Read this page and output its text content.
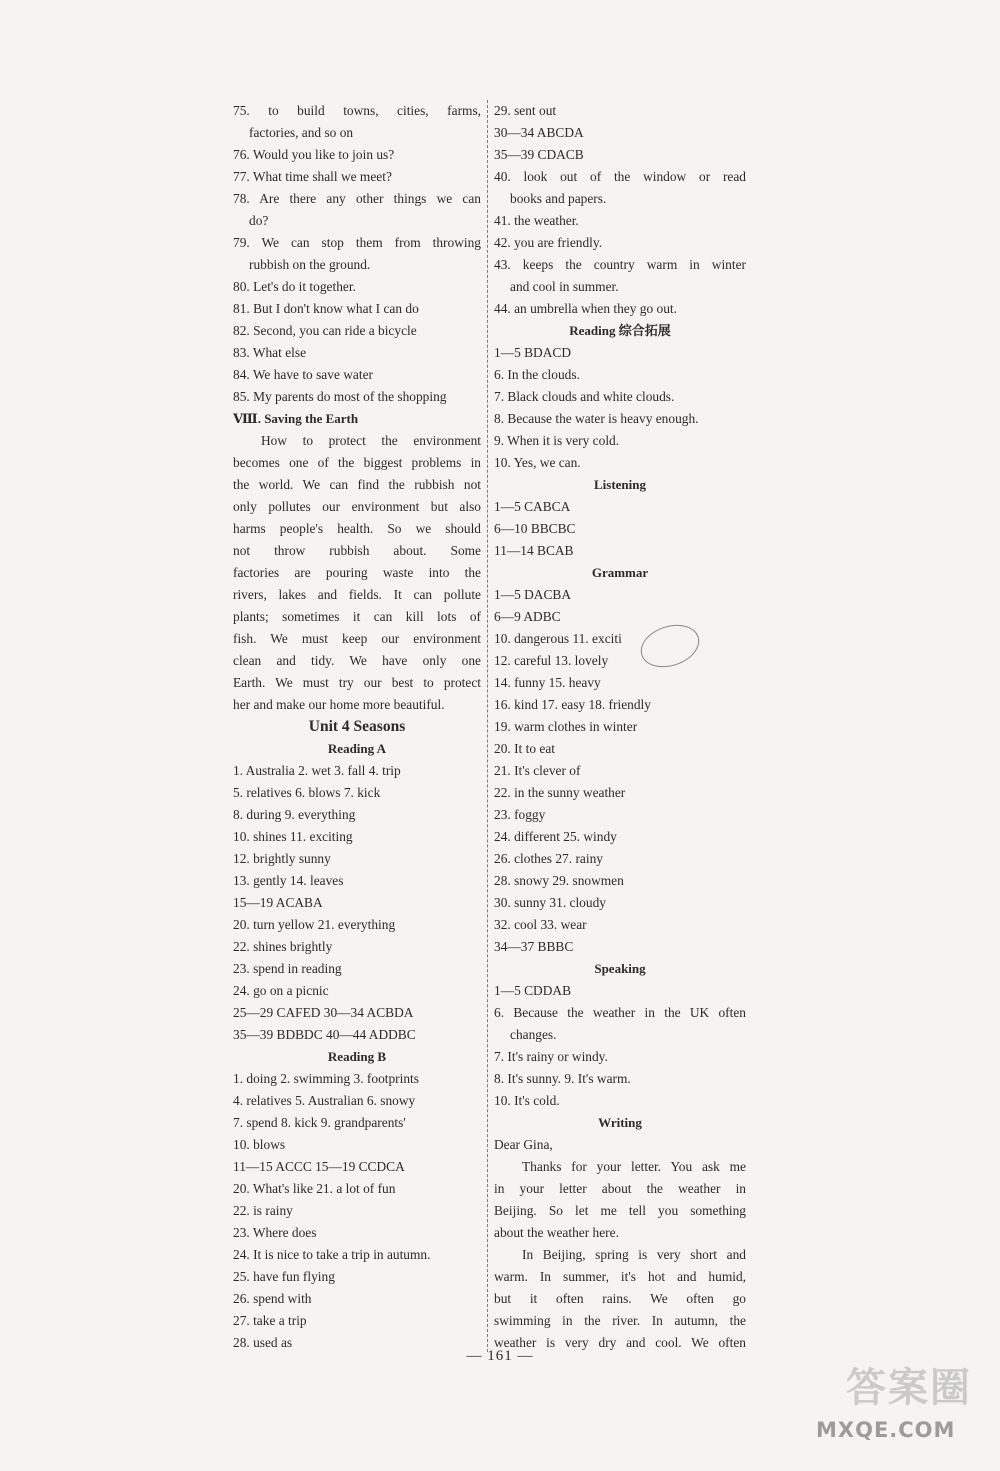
75. to build towns, cities, farms,
factories, and so on
76. Would you like to join us?
77. What time shall we meet?
78. Are there any other things we can
do?
79. We can stop them from throwing
rubbish on the ground.
80. Let's do it together.
81. But I don't know what I can do
82. Second, you can ride a bicycle
83. What else
84. We have to save water
85. My parents do most of the shopping
Ⅷ. Saving the Earth
How to protect the environment
becomes one of the biggest problems in
the world. We can find the rubbish not
only pollutes our environment but also
harms people's health. So we should
not throw rubbish about. Some
factories are pouring waste into the
rivers, lakes and fields. It can pollute
plants; sometimes it can kill lots of
fish. We must keep our environment
clean and tidy. We have only one
Earth. We must try our best to protect
her and make our home more beautiful.
Unit 4 Seasons
Reading A
1. Australia 2. wet 3. fall 4. trip
5. relatives 6. blows 7. kick
8. during 9. everything
10. shines 11. exciting
12. brightly sunny
13. gently 14. leaves
15—19 ACABA
20. turn yellow 21. everything
22. shines brightly
23. spend in reading
24. go on a picnic
25—29 CAFED 30—34 ACBDA
35—39 BDBDC 40—44 ADDBC
Reading B
1. doing 2. swimming 3. footprints
4. relatives 5. Australian 6. snowy
7. spend 8. kick 9. grandparents'
10. blows
11—15 ACCC 15—19 CCDCA
20. What's like 21. a lot of fun
22. is rainy
23. Where does
24. It is nice to take a trip in autumn.
25. have fun flying
26. spend with
27. take a trip
28. used as
29. sent out
30—34 ABCDA
35—39 CDACB
40. look out of the window or read
books and papers.
41. the weather.
42. you are friendly.
43. keeps the country warm in winter
and cool in summer.
44. an umbrella when they go out.
Reading 综合拓展
1—5 BDACD
6. In the clouds.
7. Black clouds and white clouds.
8. Because the water is heavy enough.
9. When it is very cold.
10. Yes, we can.
Listening
1—5 CABCA
6—10 BBCBC
11—14 BCAB
Grammar
1—5 DACBA
6—9 ADBC
10. dangerous 11. exciti
12. careful 13. lovely
14. funny 15. heavy
16. kind 17. easy 18. friendly
19. warm clothes in winter
20. It to eat
21. It's clever of
22. in the sunny weather
23. foggy
24. different 25. windy
26. clothes 27. rainy
28. snowy 29. snowmen
30. sunny 31. cloudy
32. cool 33. wear
34—37 BBBC
Speaking
1—5 CDDAB
6. Because the weather in the UK often
changes.
7. It's rainy or windy.
8. It's sunny. 9. It's warm.
10. It's cold.
Writing
Dear Gina,
Thanks for your letter. You ask me
in your letter about the weather in
Beijing. So let me tell you something
about the weather here.
In Beijing, spring is very short and
warm. In summer, it's hot and humid,
but it often rains. We often go
swimming in the river. In autumn, the
weather is very dry and cool. We often
— 161 —
答案圈
MXQE.COM
